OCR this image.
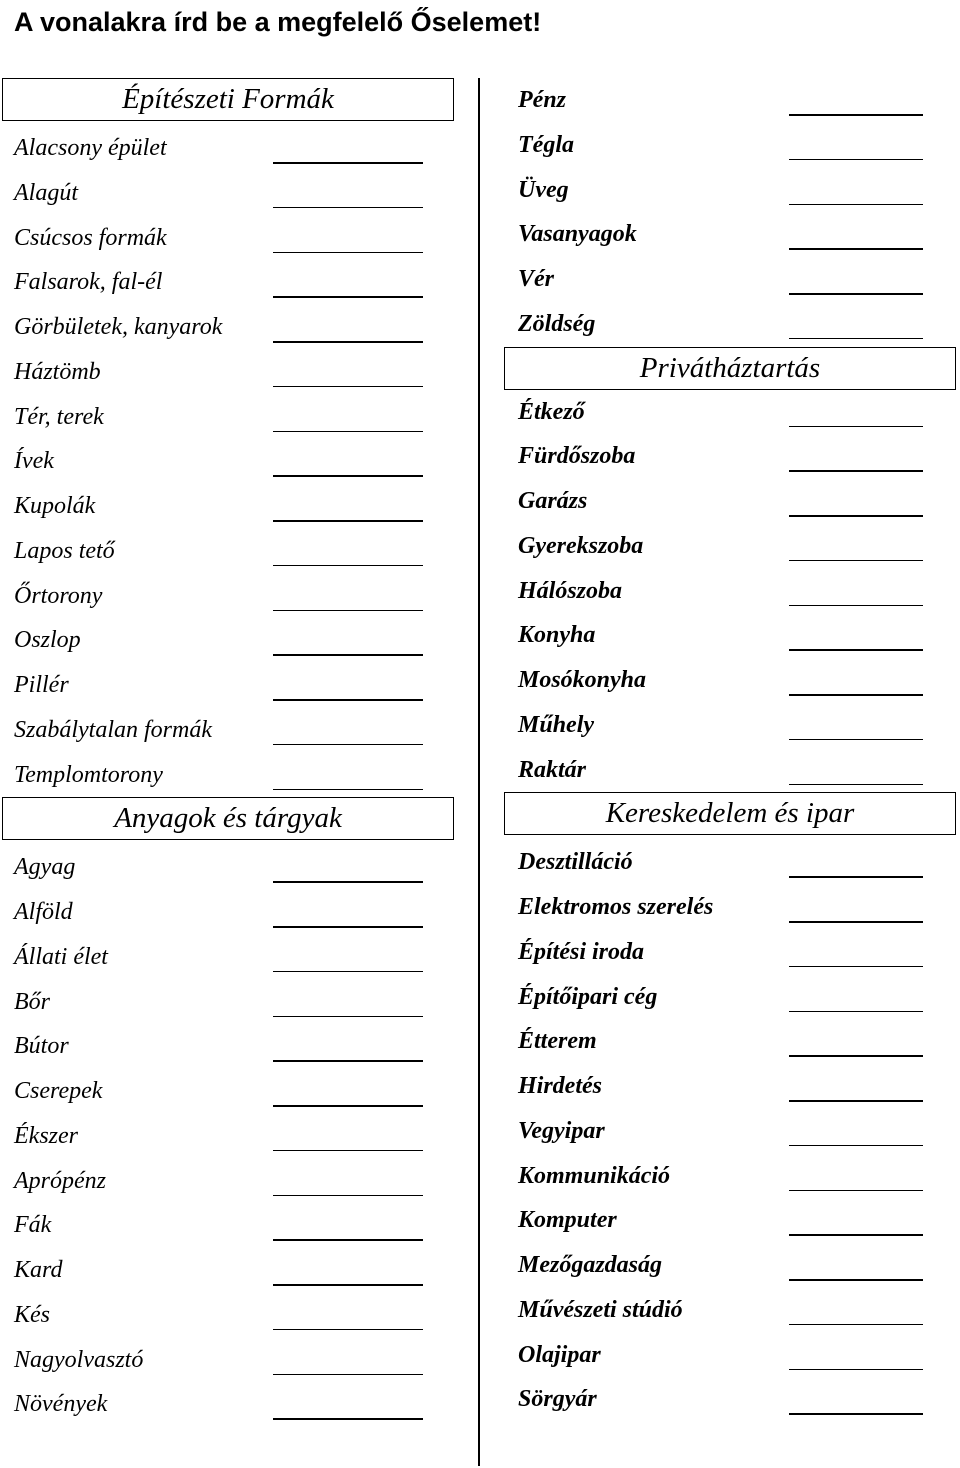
A vonalakra írd be a megfelelő Őselemet!
Építészeti Formák
Alacsony épület
Alagút
Csúcsos formák
Falsarok, fal-él
Görbületek, kanyarok
Háztömb
Tér, terek
Ívek
Kupolák
Lapos tető
Őrtorony
Oszlop
Pillér
Szabálytalan formák
Templomtorony
Anyagok és tárgyak
Agyag
Alföld
Állati élet
Bőr
Bútor
Cserepek
Ékszer
Aprópénz
Fák
Kard
Kés
Nagyolvasztó
Növények
Pénz
Tégla
Üveg
Vasanyagok
Vér
Zöldség
Privátháztartás
Étkező
Fürdőszoba
Garázs
Gyerekszoba
Hálószoba
Konyha
Mosókonyha
Műhely
Raktár
Kereskedelem és ipar
Desztilláció
Elektromos szerelés
Építési iroda
Építőipari cég
Étterem
Hirdetés
Vegyipar
Kommunikáció
Komputer
Mezőgazdaság
Művészeti stúdió
Olajipar
Sörgyár
